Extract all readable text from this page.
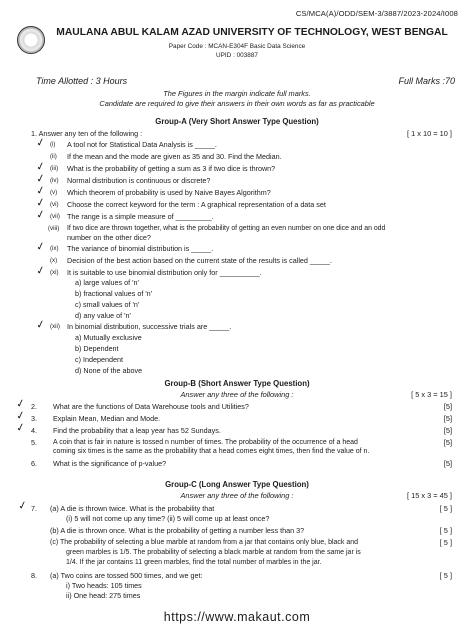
CS/MCA(A)/ODD/SEM-3/3887/2023-2024/I008
MAULANA ABUL KALAM AZAD UNIVERSITY OF TECHNOLOGY, WEST BENGAL
Paper Code : MCAN-E304F Basic Data Science
UPID : 003887
Time Allotted : 3 Hours	Full Marks :70
The Figures in the margin indicate full marks.
Candidate are required to give their answers in their own words as far as practicable
Group-A (Very Short Answer Type Question)
1. Answer any ten of the following :	[ 1 x 10 = 10 ]
(i) A tool not for Statistical Data Analysis is _____.
(ii) If the mean and the mode are given as 35 and 30. Find the Median.
(iii) What is the probability of getting a sum as 3 if two dice is thrown?
(iv) Normal distribution is continuous or discrete?
(v) Which theorem of probability is used by Naive Bayes Algorithm?
(vi) Choose the correct keyword for the term : A graphical representation of a data set
(vii) The range is a simple measure of _________.
(viii) If two dice are thrown together, what is the probability of getting an even number on one dice and an odd
number on the other dice?
(ix) The variance of binomial distribution is _____.
(x) Decision of the best action based on the current state of the results is called _____.
(xi) It is suitable to use binomial distribution only for __________.
a) large values of 'n'
b) fractional values of 'n'
c) small values of 'n'
d) any value of 'n'
(xii) In binomial distribution, successive trials are _____.
a) Mutually exclusive
b) Dependent
c) Independent
d) None of the above
✓
✓
✓
✓
✓
✓
✓
✓
✓
Group-B (Short Answer Type Question)
Answer any three of the following :	[ 5 x 3 = 15 ]
2. What are the functions of Data Warehouse tools and Utilities?	[5]
3. Explain Mean, Median and Mode.	[5]
4. Find the probability that a leap year has 52 Sundays.	[5]
5. A coin that is fair in nature is tossed n number of times. The probability of the occurrence of a head	[5]
coming six times is the same as the probability that a head comes eight times, then find the value of n.
6. What is the significance of p-value?	[5]
✓
✓
✓
Group-C (Long Answer Type Question)
Answer any three of the following :	[ 15 x 3 = 45 ]
7. (a) A die is thrown twice. What is the probability that	[ 5 ]
(i) 5 will not come up any time? (ii) 5 will come up at least once?
(b) A die is thrown once. What is the probability of getting a number less than 3?	[ 5 ]
(c) The probability of selecting a blue marble at random from a jar that contains only blue, black and	[ 5 ]
green marbles is 1/5. The probability of selecting a black marble at random from the same jar is
1/4. If the jar contains 11 green marbles, find the total number of marbles in the jar.
8. (a) Two coins are tossed 500 times, and we get:	[ 5 ]
i) Two heads: 105 times
ii) One head: 275 times
✓
https://www.makaut.com
